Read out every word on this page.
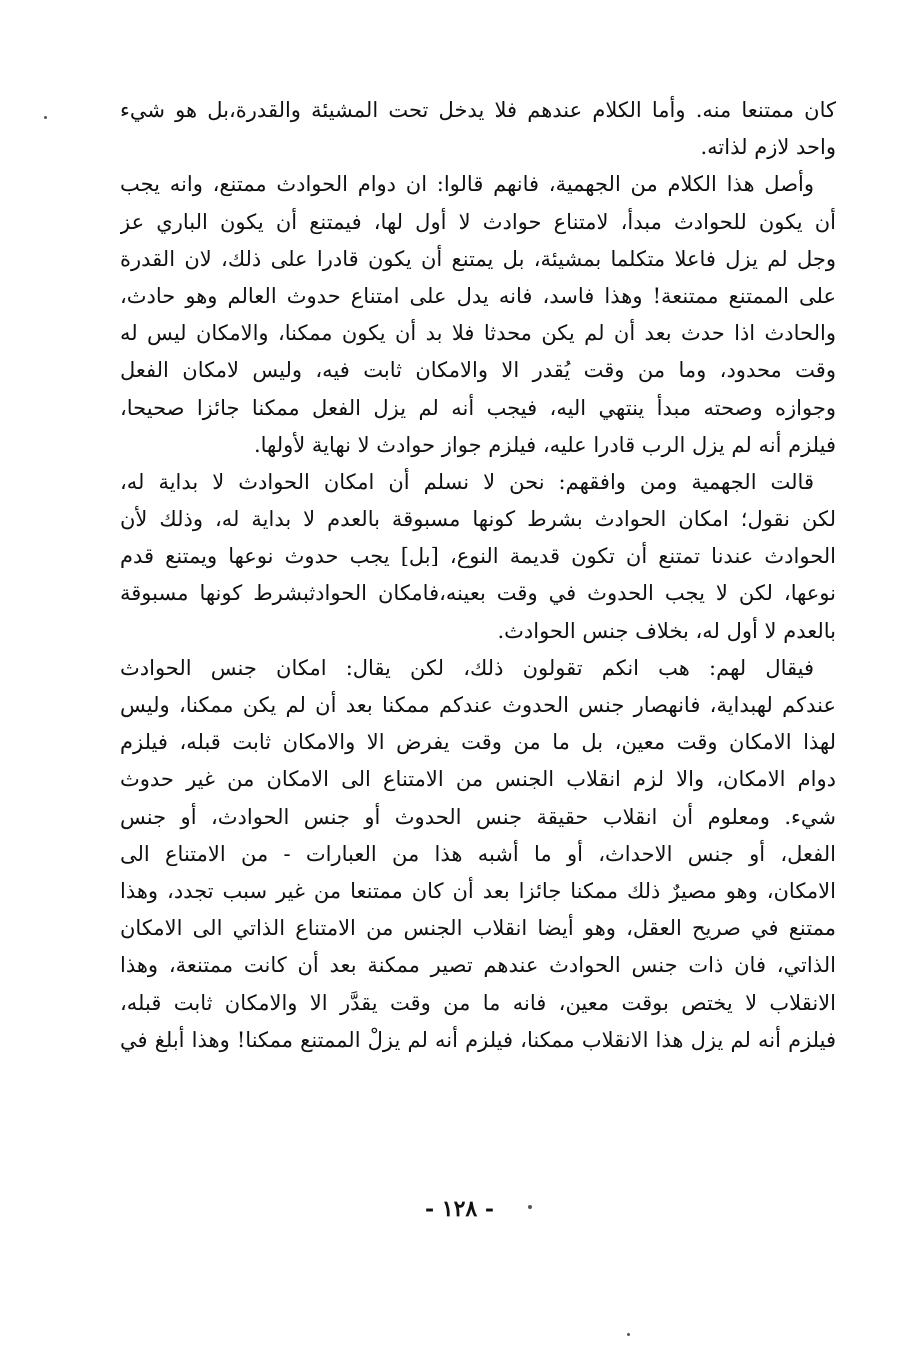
كان ممتنعا منه. وأما الكلام عندهم فلا يدخل تحت المشيئة والقدرة،بل هو شيء
واحد لازم لذاته.
وأصل هذا الكلام من الجهمية، فانهم قالوا: ان دوام الحوادث ممتنع، وانه يجب
أن يكون للحوادث مبدأ، لامتناع حوادث لا أول لها، فيمتنع أن يكون الباري عز
وجل لم يزل فاعلا متكلما بمشيئة، بل يمتنع أن يكون قادرا على ذلك، لان القدرة
على الممتنع ممتنعة! وهذا فاسد، فانه يدل على امتناع حدوث العالم وهو حادث،
والحادث اذا حدث بعد أن لم يكن محدثا فلا بد أن يكون ممكنا، والامكان ليس له
وقت محدود، وما من وقت يُقدر الا والامكان ثابت فيه، وليس لامكان الفعل
وجوازه وصحته مبدأ ينتهي اليه، فيجب أنه لم يزل الفعل ممكنا جائزا صحيحا،
فيلزم أنه لم يزل الرب قادرا عليه، فيلزم جواز حوادث لا نهاية لأولها.
قالت الجهمية ومن وافقهم: نحن لا نسلم أن امكان الحوادث لا بداية له،
لكن نقول؛ امكان الحوادث بشرط كونها مسبوقة بالعدم لا بداية له، وذلك لأن
الحوادث عندنا تمتنع أن تكون قديمة النوع، [بل] يجب حدوث نوعها ويمتنع قدم
نوعها، لكن لا يجب الحدوث في وقت بعينه،فامكان الحوادثبشرط كونها مسبوقة
بالعدم لا أول له، بخلاف جنس الحوادث.
فيقال لهم: هب انكم تقولون ذلك، لكن يقال: امكان جنس الحوادث
عندكم لهبداية، فانهصار جنس الحدوث عندكم ممكنا بعد أن لم يكن ممكنا، وليس
لهذا الامكان وقت معين، بل ما من وقت يفرض الا والامكان ثابت قبله، فيلزم
دوام الامكان، والا لزم انقلاب الجنس من الامتناع الى الامكان من غير حدوث
شيء. ومعلوم أن انقلاب حقيقة جنس الحدوث أو جنس الحوادث، أو جنس
الفعل، أو جنس الاحداث، أو ما أشبه هذا من العبارات - من الامتناع الى
الامكان، وهو مصيرٌ ذلك ممكنا جائزا بعد أن كان ممتنعا من غير سبب تجدد، وهذا
ممتنع في صريح العقل، وهو أيضا انقلاب الجنس من الامتناع الذاتي الى الامكان
الذاتي، فان ذات جنس الحوادث عندهم تصير ممكنة بعد أن كانت ممتنعة، وهذا
الانقلاب لا يختص بوقت معين، فانه ما من وقت يقدَّر الا والامكان ثابت قبله،
فيلزم أنه لم يزل هذا الانقلاب ممكنا، فيلزم أنه لم يزلْ الممتنع ممكنا! وهذا أبلغ في
- ١٢٨ -
